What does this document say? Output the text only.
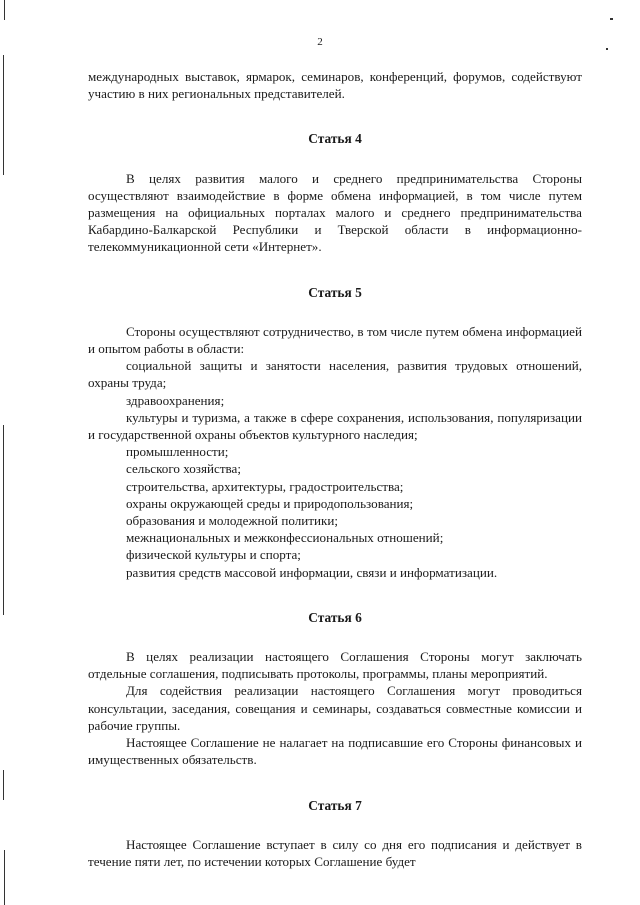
2

международных выставок, ярмарок, семинаров, конференций, форумов, содействуют участию в них региональных представителей.

Статья 4

В целях развития малого и среднего предпринимательства Стороны осуществляют взаимодействие в форме обмена информацией, в том числе путем размещения на официальных порталах малого и среднего предпринимательства Кабардино-Балкарской Республики и Тверской области в информационно-телекоммуникационной сети «Интернет».

Статья 5

Стороны осуществляют сотрудничество, в том числе путем обмена информацией и опытом работы в области:

социальной защиты и занятости населения, развития трудовых отношений, охраны труда;

здравоохранения;

культуры и туризма, а также в сфере сохранения, использования, популяризации и государственной охраны объектов культурного наследия;

промышленности;

сельского хозяйства;

строительства, архитектуры, градостроительства;

охраны окружающей среды и природопользования;

образования и молодежной политики;

межнациональных и межконфессиональных отношений;

физической культуры и спорта;

развития средств массовой информации, связи и информатизации.

Статья 6

В целях реализации настоящего Соглашения Стороны могут заключать отдельные соглашения, подписывать протоколы, программы, планы мероприятий.

Для содействия реализации настоящего Соглашения могут проводиться консультации, заседания, совещания и семинары, создаваться совместные комиссии и рабочие группы.

Настоящее Соглашение не налагает на подписавшие его Стороны финансовых и имущественных обязательств.

Статья 7

Настоящее Соглашение вступает в силу со дня его подписания и действует в течение пяти лет, по истечении которых Соглашение будет
